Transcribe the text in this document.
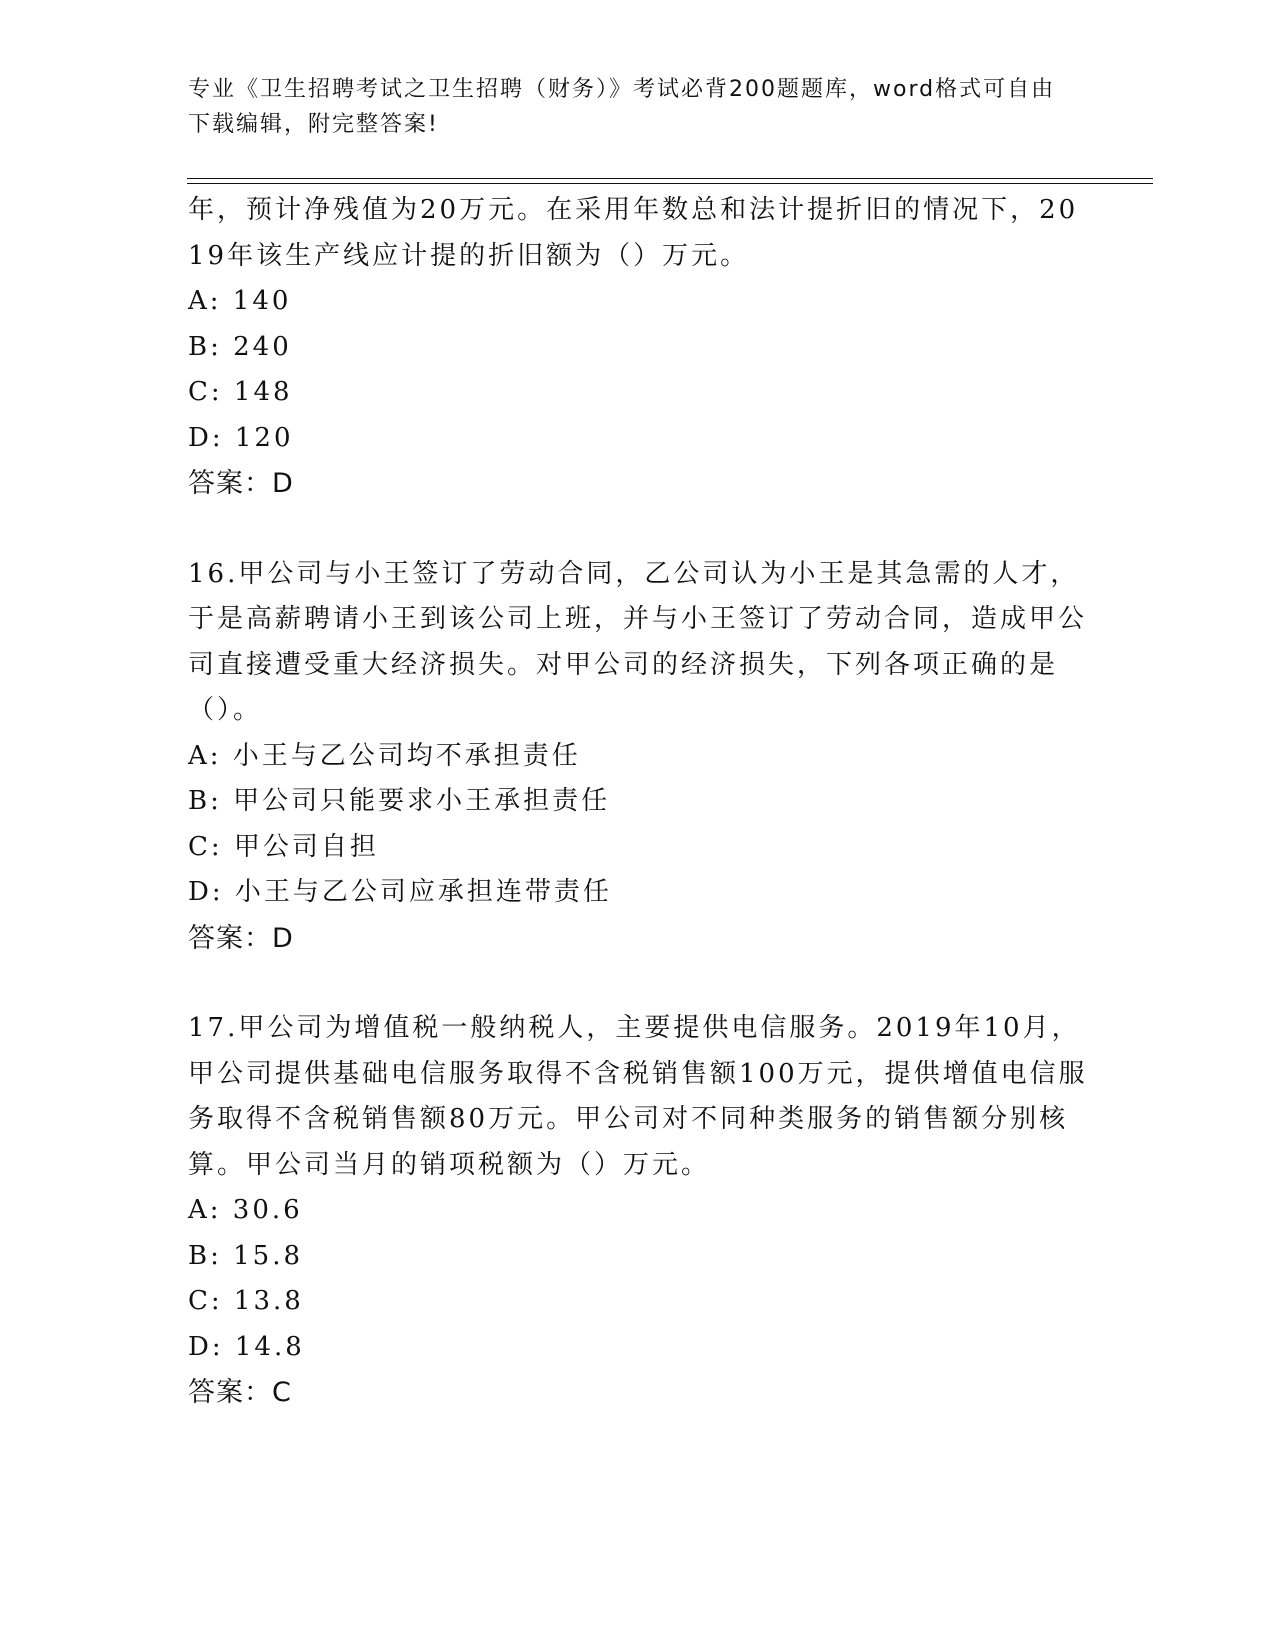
专业《卫生招聘考试之卫生招聘（财务）》考试必背200题题库，word格式可自由下载编辑，附完整答案!
年，预计净残值为20万元。在采用年数总和法计提折旧的情况下，2019年该生产线应计提的折旧额为（）万元。
A: 140
B: 240
C: 148
D: 120
答案：D
16.甲公司与小王签订了劳动合同，乙公司认为小王是其急需的人才，于是高薪聘请小王到该公司上班，并与小王签订了劳动合同，造成甲公司直接遭受重大经济损失。对甲公司的经济损失，下列各项正确的是（）。
A: 小王与乙公司均不承担责任
B: 甲公司只能要求小王承担责任
C: 甲公司自担
D: 小王与乙公司应承担连带责任
答案：D
17.甲公司为增值税一般纳税人，主要提供电信服务。2019年10月，甲公司提供基础电信服务取得不含税销售额100万元，提供增值电信服务取得不含税销售额80万元。甲公司对不同种类服务的销售额分别核算。甲公司当月的销项税额为（）万元。
A: 30.6
B: 15.8
C: 13.8
D: 14.8
答案：C
